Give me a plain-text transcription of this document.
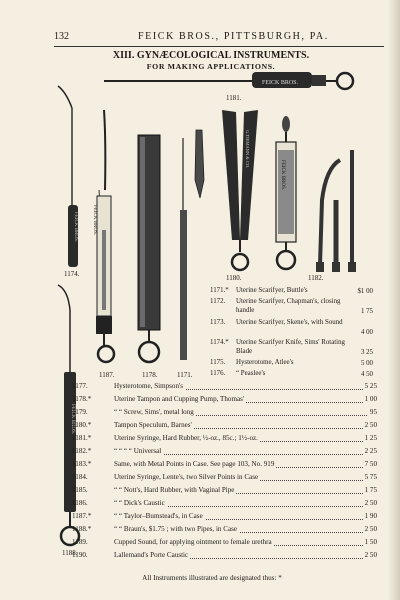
132	FEICK BROS., PITTSBURGH, PA.
XIII. GYNÆCOLOGICAL INSTRUMENTS.
FOR MAKING APPLICATIONS.
FEICK BROS.
FEICK BROS.	FEICK BROS.
G.TIEMANN & CO.
FEICK BROS.
FEICK BROS.
1181.
1174.	1180.	1182.
1187.	1178.	1171.
1188.
1171.* Uterine Scarifyer, Buttle's	$1 00
1172. Uterine Scarifyer, Chapman's, closing handle	1 75
1173. Uterine Scarifyer, Skene's, with Sound
4 00
1174.* Uterine Scarifyer Knife, Sims' Rotating Blade	3 25
1175. Hysterotome, Atlee's	5 00
1176. “ Peaslee's	4 50
1177.	Hysterotome, Simpson's	5 25
1178.*	Uterine Tampon and Cupping Pump, Thomas'	1 00
1179.	“ “ Screw, Sims', metal long	95
1180.*	Tampon Speculum, Barnes'	2 50
1181.*	Uterine Syringe, Hard Rubber, ½-oz., 85c.; 1½-oz.	1 25
1182.*	“ “ “ “ Universal	2 25
1183.*	Same, with Metal Points in Case. See page 103, No. 919	7 50
1184.	Uterine Syringe, Lente's, two Silver Points in Case	5 75
1185.	“ “ Nott's, Hard Rubber, with Vaginal Pipe	1 75
1186.	“ “ Dick's Caustic	2 50
1187.*	“ “ Taylor–Bumstead's, in Case	1 90
1188.*	“ “ Braun's, $1.75 ; with two Pipes, in Case	2 50
1189.	Cupped Sound, for applying ointment to female urethra	1 50
1190.	Lallemand's Porte Caustic	2 50
All Instruments illustrated are designated thus: *
